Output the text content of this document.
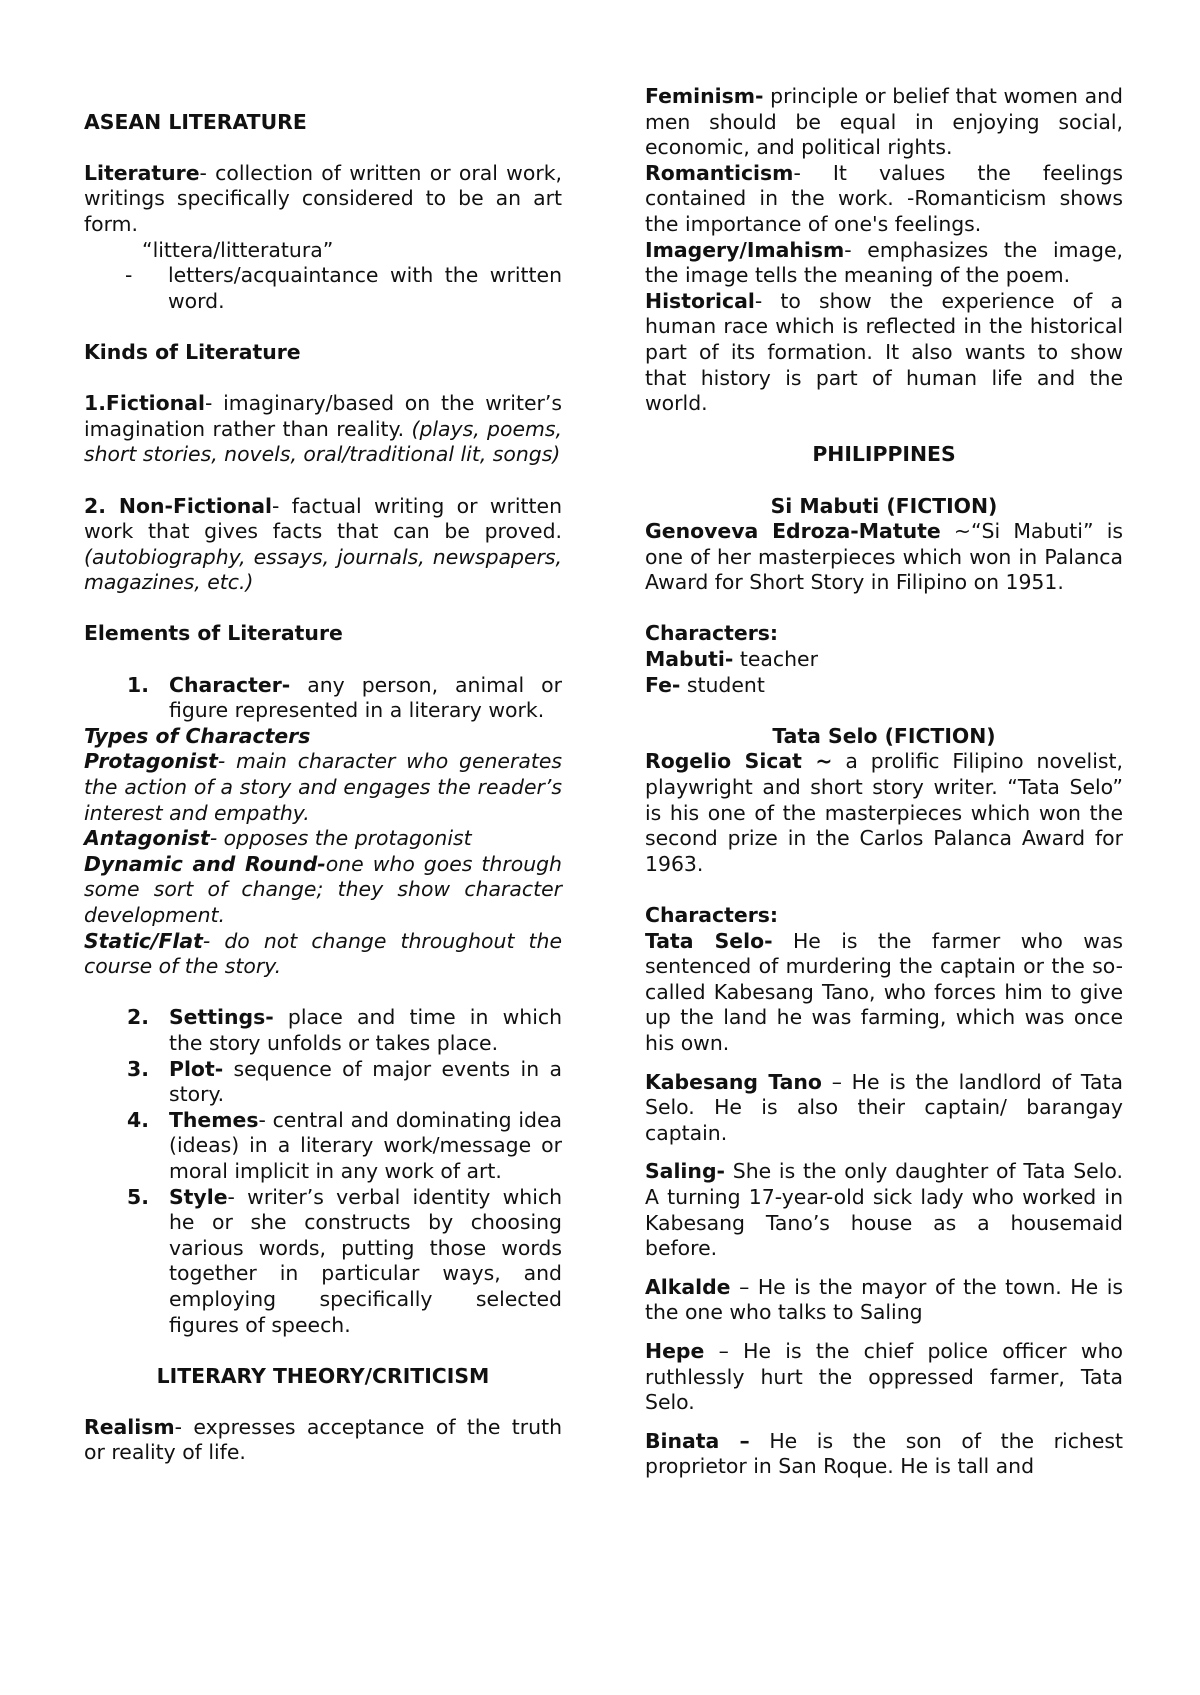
ASEAN LITERATURE

Literature- collection of written or oral work, writings specifically considered to be an art form.

“littera/litteratura”

-	letters/acquaintance with the written word.

Kinds of Literature

1.Fictional- imaginary/based on the writer’s imagination rather than reality. (plays, poems, short stories, novels, oral/traditional lit, songs)

2. Non-Fictional- factual writing or written work that gives facts that can be proved. (autobiography, essays, journals, newspapers, magazines, etc.)

Elements of Literature

1. Character- any person, animal or figure represented in a literary work.

Types of Characters

Protagonist- main character who generates the action of a story and engages the reader’s interest and empathy.

Antagonist- opposes the protagonist

Dynamic and Round-one who goes through some sort of change; they show character development.

Static/Flat- do not change throughout the course of the story.

2. Settings- place and time in which the story unfolds or takes place.
3. Plot- sequence of major events in a story.
4. Themes- central and dominating idea (ideas) in a literary work/message or moral implicit in any work of art.
5. Style- writer’s verbal identity which he or she constructs by choosing various words, putting those words together in particular ways, and employing specifically selected figures of speech.

LITERARY THEORY/CRITICISM

Realism- expresses acceptance of the truth or reality of life.

Feminism- principle or belief that women and men should be equal in enjoying social, economic, and political rights.

Romanticism- It values the feelings contained in the work. -Romanticism shows the importance of one's feelings.

Imagery/Imahism- emphasizes the image, the image tells the meaning of the poem.

Historical- to show the experience of a human race which is reflected in the historical part of its formation. It also wants to show that history is part of human life and the world.

PHILIPPINES

Si Mabuti (FICTION)

Genoveva Edroza-Matute ~“Si Mabuti” is one of her masterpieces which won in Palanca Award for Short Story in Filipino on 1951.

Characters:

Mabuti- teacher

Fe- student

Tata Selo (FICTION)

Rogelio Sicat ~ a prolific Filipino novelist, playwright and short story writer. “Tata Selo” is his one of the masterpieces which won the second prize in the Carlos Palanca Award for 1963.

Characters:

Tata Selo- He is the farmer who was sentenced of murdering the captain or the so-called Kabesang Tano, who forces him to give up the land he was farming, which was once his own.

Kabesang Tano – He is the landlord of Tata Selo. He is also their captain/ barangay captain.

Saling- She is the only daughter of Tata Selo. A turning 17-year-old sick lady who worked in Kabesang Tano’s house as a housemaid before.

Alkalde – He is the mayor of the town. He is the one who talks to Saling

Hepe – He is the chief police officer who ruthlessly hurt the oppressed farmer, Tata Selo.

Binata – He is the son of the richest proprietor in San Roque. He is tall and
